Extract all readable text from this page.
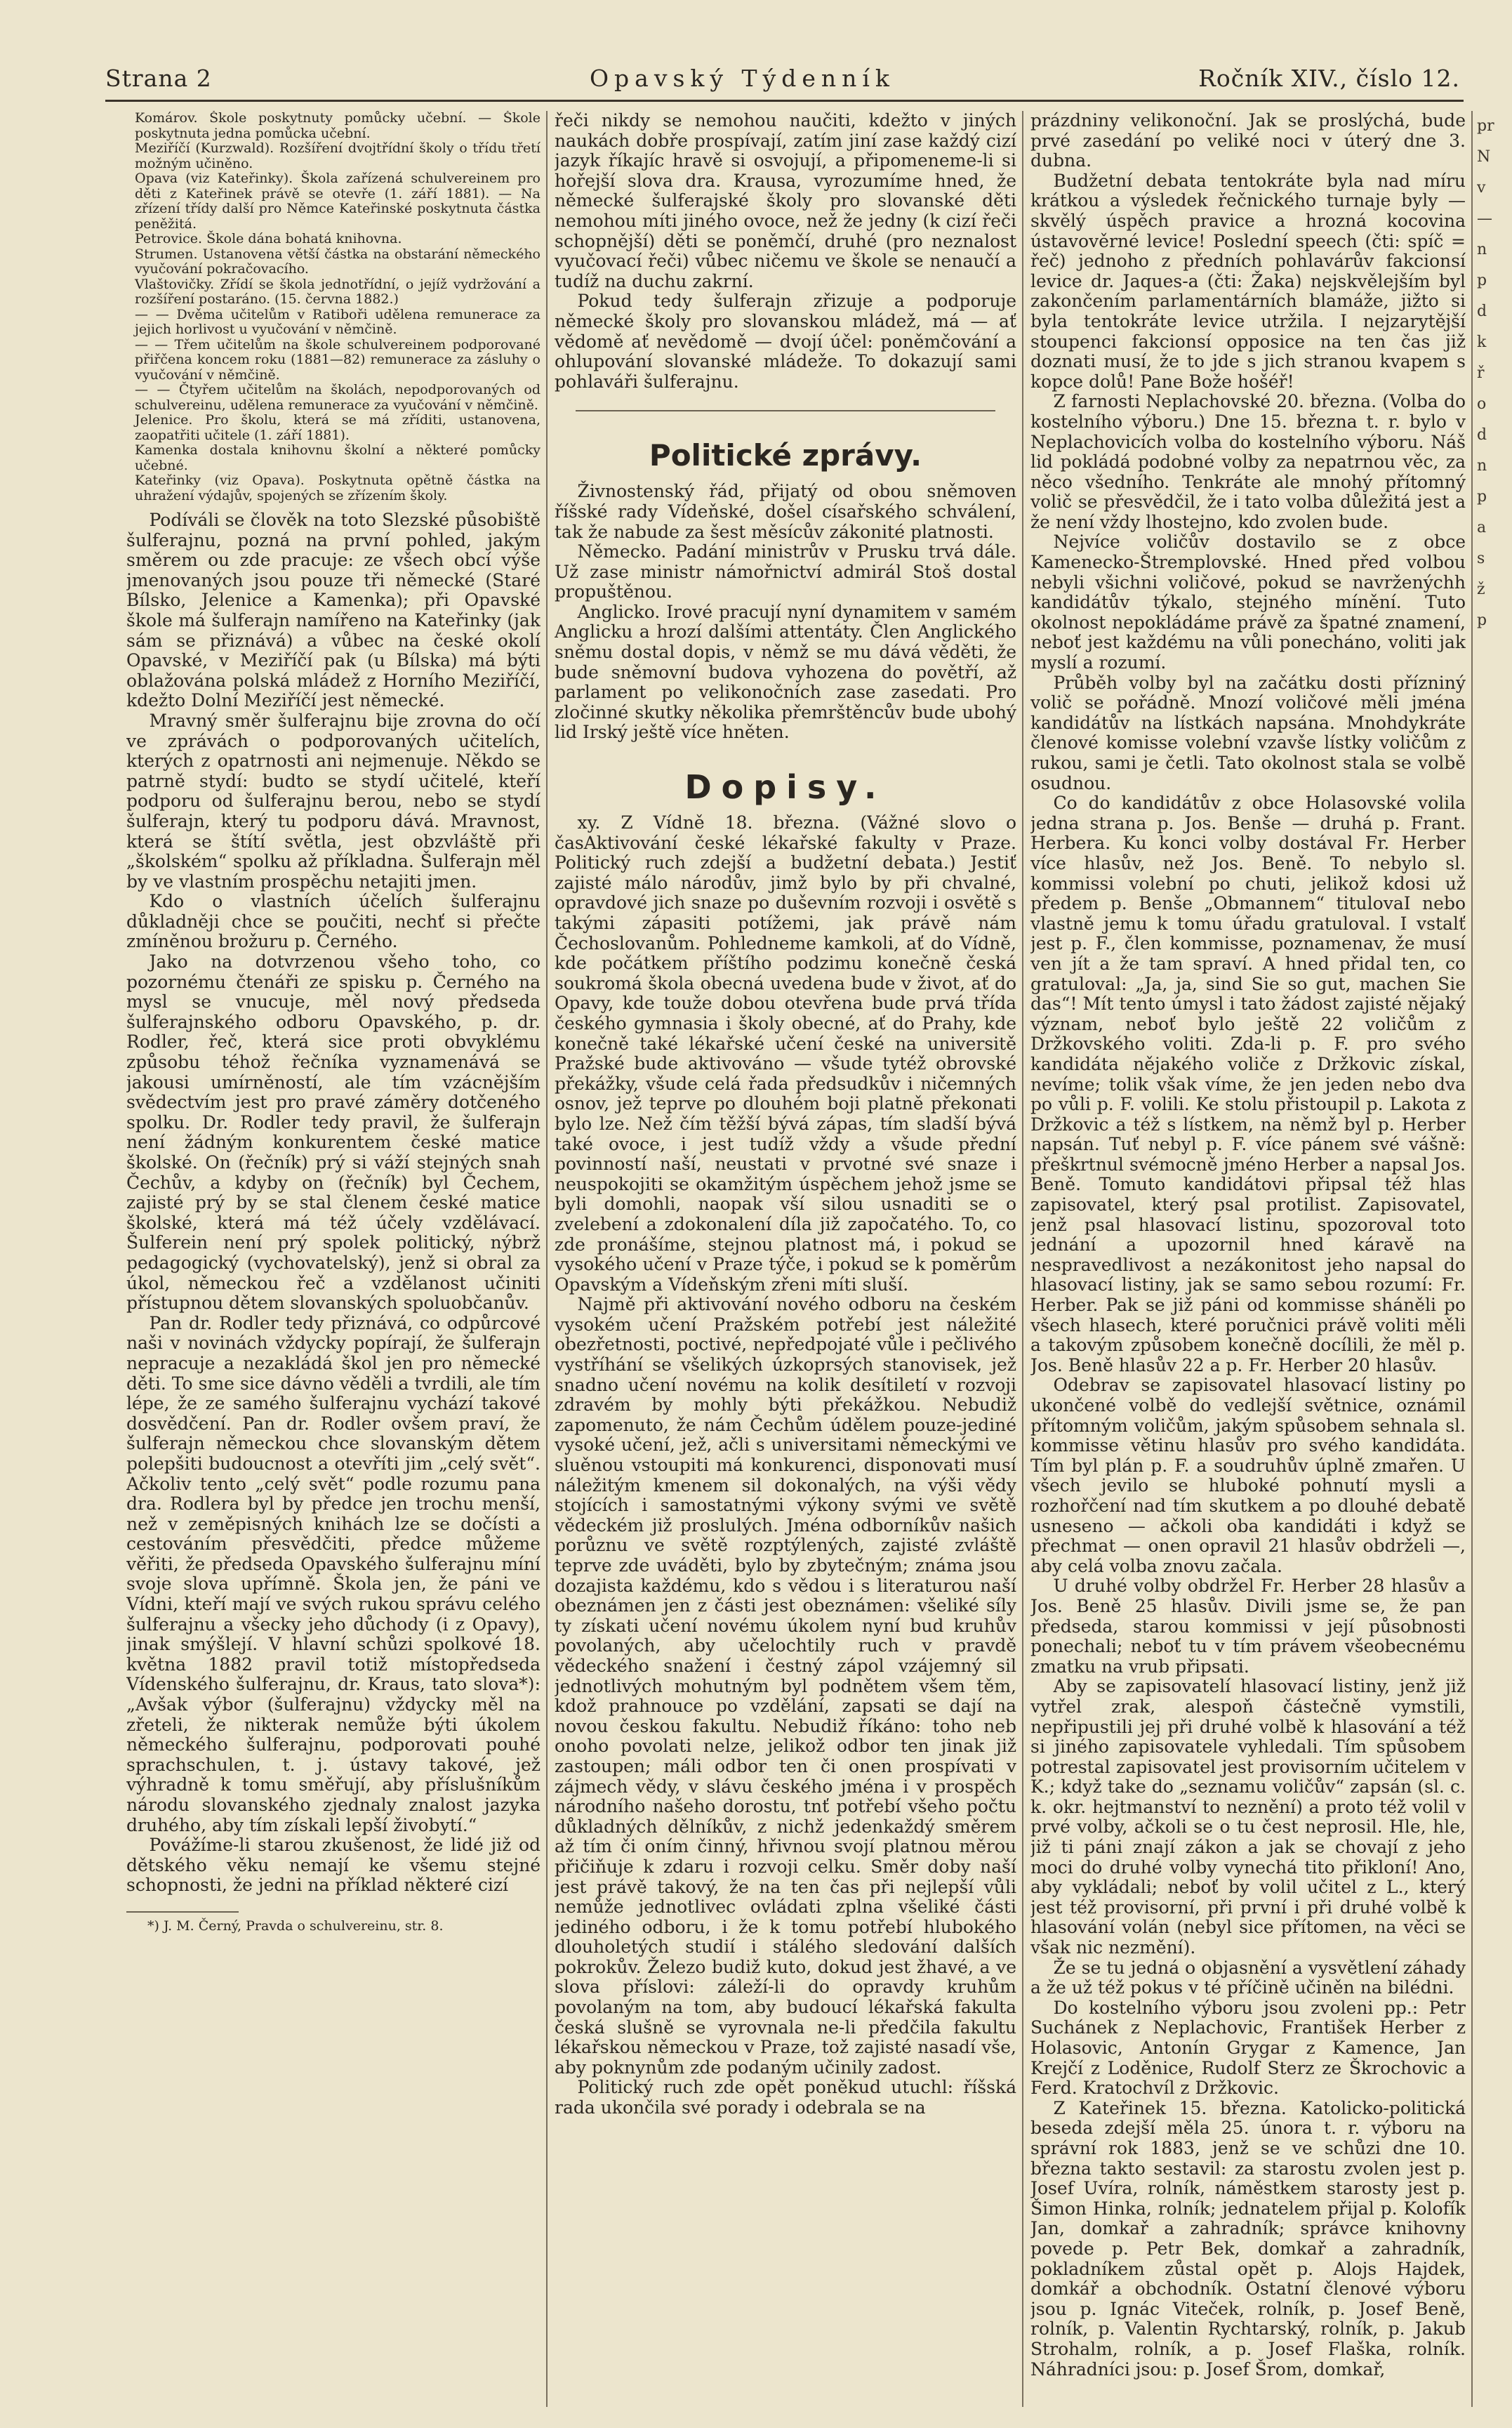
Strana 2	Opavský Týdenník	Ročník XIV., číslo 12.

Komárov. Škole poskytnuty pomůcky učební. — Škole poskytnuta jedna pomůcka učební.

Meziříčí (Kurzwald). Rozšíření dvojtřídní školy o třídu třetí možným učiněno.

Opava (viz Kateřinky). Škola zařízená schulvereinem pro děti z Kateřinek právě se otevře (1. září 1881). — Na zřízení třídy další pro Němce Kateřinské poskytnuta částka peněžitá.

Petrovice. Škole dána bohatá knihovna.

Strumen. Ustanovena větší částka na obstarání německého vyučování pokračovacího.

Vlaštovičky. Zřídí se škola jednotřídní, o jejíž vydržování a rozšíření postaráno. (15. června 1882.)

— — Dvěma učitelům v Ratiboři udělena remunerace za jejich horlivost u vyučování v němčině.

— — Třem učitelům na škole schulvereinem podporované přiřčena koncem roku (1881—82) remunerace za zásluhy o vyučování v němčině.

— — Čtyřem učitelům na školách, nepodporovaných od schulvereinu, udělena remunerace za vyučování v němčině.

Jelenice. Pro školu, která se má zříditi, ustanovena, zaopatřiti učitele (1. září 1881).

Kamenka dostala knihovnu školní a některé pomůcky učebné.

Kateřinky (viz Opava). Poskytnuta opětně částka na uhražení výdajův, spojených se zřízením školy.

Podíváli se člověk na toto Slezské působiště šulferajnu, pozná na první pohled, jakým směrem ou zde pracuje: ze všech obcí výše jmenovaných jsou pouze tři německé (Staré Bílsko, Jelenice a Kamenka); při Opavské škole má šulferajn namířeno na Kateřinky (jak sám se přiznává) a vůbec na české okolí Opavské, v Meziříčí pak (u Bílska) má býti oblažována polská mládež z Horního Meziříčí, kdežto Dolní Meziříčí jest německé.

Mravný směr šulferajnu bije zrovna do očí ve zprávách o podporovaných učitelích, kterých z opatrnosti ani nejmenuje. Někdo se patrně stydí: budto se stydí učitelé, kteří podporu od šulferajnu berou, nebo se stydí šulferajn, který tu podporu dává. Mravnost, která se štítí světla, jest obzvláště při „školském“ spolku až příkladna. Šulferajn měl by ve vlastním prospěchu netajiti jmen.

Kdo o vlastních účelích šulferajnu důkladněji chce se poučiti, nechť si přečte zmíněnou brožuru p. Černého.

Jako na dotvrzenou všeho toho, co pozornému čtenáři ze spisku p. Černého na mysl se vnucuje, měl nový předseda šulferajnského odboru Opavského, p. dr. Rodler, řeč, která sice proti obvyklému způsobu téhož řečníka vyznamenává se jakousi umírněností, ale tím vzácnějším svědectvím jest pro pravé záměry dotčeného spolku. Dr. Rodler tedy pravil, že šulferajn není žádným konkurentem české matice školské. On (řečník) prý si váží stejných snah Čechův, a kdyby on (řečník) byl Čechem, zajisté prý by se stal členem české matice školské, která má též účely vzdělávací. Šulferein není prý spolek politický, nýbrž pedagogický (vychovatelský), jenž si obral za úkol, německou řeč a vzdělanost učiniti přístupnou dětem slovanských spoluobčanův.

Pan dr. Rodler tedy přiznává, co odpůrcové naši v novinách vždycky popírají, že šulferajn nepracuje a nezakládá škol jen pro německé děti. To sme sice dávno věděli a tvrdili, ale tím lépe, že ze samého šulferajnu vychází takové dosvědčení. Pan dr. Rodler ovšem praví, že šulferajn německou chce slovanským dětem polepšiti budoucnost a otevříti jim „celý svět“. Ačkoliv tento „celý svět“ podle rozumu pana dra. Rodlera byl by předce jen trochu menší, než v zeměpisných knihách lze se dočísti a cestováním přesvědčiti, předce můžeme věřiti, že předseda Opavského šulferajnu míní svoje slova upřímně. Škola jen, že páni ve Vídni, kteří mají ve svých rukou správu celého šulferajnu a všecky jeho důchody (i z Opavy), jinak smýšlejí. V hlavní schůzi spolkové 18. května 1882 pravil totiž místopředseda Vídenského šulferajnu, dr. Kraus, tato slova*): „Avšak výbor (šulferajnu) vždycky měl na zřeteli, že nikterak nemůže býti úkolem německého šulferajnu, podporovati pouhé sprachschulen, t. j. ústavy takové, jež výhradně k tomu směřují, aby příslušníkům národu slovanského zjednaly znalost jazyka druhého, aby tím získali lepší živobytí.“

Povážíme-li starou zkušenost, že lidé již od dětského věku nemají ke všemu stejné schopnosti, že jedni na příklad některé cizí

*) J. M. Černý, Pravda o schulvereinu, str. 8.

řeči nikdy se nemohou naučiti, kdežto v jiných naukách dobře prospívají, zatím jiní zase každý cizí jazyk říkajíc hravě si osvojují, a připomeneme-li si hořejší slova dra. Krausa, vyrozumíme hned, že německé šulferajské školy pro slovanské děti nemohou míti jiného ovoce, než že jedny (k cizí řeči schopnější) děti se poněmčí, druhé (pro neznalost vyučovací řeči) vůbec ničemu ve škole se nenaučí a tudíž na duchu zakrní.

Pokud tedy šulferajn zřizuje a podporuje německé školy pro slovanskou mládež, má — ať vědomě ať nevědomě — dvojí účel: poněmčování a ohlupování slovanské mládeže. To dokazují sami pohlaváři šulferajnu.

Politické zprávy.

Živnostenský řád, přijatý od obou sněmoven říšské rady Vídeňské, došel císařského schválení, tak že nabude za šest měsícův zákonité platnosti.

Německo. Padání ministrův v Prusku trvá dále. Už zase ministr námořnictví admirál Stoš dostal propuštěnou.

Anglicko. Irové pracují nyní dynamitem v samém Anglicku a hrozí dalšími attentáty. Člen Anglického sněmu dostal dopis, v němž se mu dává věděti, že bude sněmovní budova vyhozena do povětří, až parlament po velikonočních zase zasedati. Pro zločinné skutky několika přemrštěncův bude ubohý lid Irský ještě více hněten.

Dopisy.

xy. Z Vídně 18. března. (Vážné slovo o časAktivování české lékařské fakulty v Praze. Politický ruch zdejší a budžetní debata.) Jestiť zajisté málo národův, jimž bylo by při chvalné, opravdové jich snaze po duševním rozvoji i osvětě s takými zápasiti potížemi, jak právě nám Čechoslovanům. Pohledneme kamkoli, ať do Vídně, kde počátkem příštího podzimu konečně česká soukromá škola obecná uvedena bude v život, ať do Opavy, kde touže dobou otevřena bude prvá třída českého gymnasia i školy obecné, ať do Prahy, kde konečně také lékařské učení české na universitě Pražské bude aktivováno — všude tytéž obrovské překážky, všude celá řada předsudkův i ničemných osnov, jež teprve po dlouhém boji platně překonati bylo lze. Než čím těžší bývá zápas, tím sladší bývá také ovoce, i jest tudíž vždy a všude přední povinností naší, neustati v prvotné své snaze i neuspokojiti se okamžitým úspěchem jehož jsme se byli domohli, naopak vší silou usnaditi se o zvelebení a zdokonalení díla již započatého. To, co zde pronášíme, stejnou platnost má, i pokud se vysokého učení v Praze týče, i pokud se k poměrům Opavským a Vídeňským zřeni míti sluší.

Najmě při aktivování nového odboru na českém vysokém učení Pražském potřebí jest náležité obezřetnosti, poctivé, nepředpojaté vůle i pečlivého vystříhání se všelikých úzkoprsých stanovisek, jež snadno učení novému na kolik desítiletí v rozvoji zdravém by mohly býti překážkou. Nebudiž zapomenuto, že nám Čechům údělem pouze-jediné vysoké učení, jež, ačli s universitami německými ve sluěnou vstoupiti má konkurenci, disponovati musí náležitým kmenem sil dokonalých, na výši vědy stojících i samostatnými výkony svými ve světě vědeckém již proslulých. Jména odborníkův našich porůznu ve světě rozptýlených, zajisté zvláště teprve zde uváděti, bylo by zbytečným; známa jsou dozajista každému, kdo s vědou i s literaturou naší obeznámen jen z části jest obeznámen: všeliké síly ty získati učení novému úkolem nyní bud kruhův povolaných, aby učelochtily ruch v pravdě vědeckého snažení i čestný zápol vzájemný sil jednotlivých mohutným byl podnětem všem těm, kdož prahnouce po vzdělání, zapsati se dají na novou českou fakultu. Nebudiž říkáno: toho neb onoho povolati nelze, jelikož odbor ten jinak již zastoupen; máli odbor ten či onen prospívati v zájmech vědy, v slávu českého jména i v prospěch národního našeho dorostu, tnť potřebí všeho počtu důkladných dělníkův, z nichž jedenkaždý směrem až tím či oním činný, hřivnou svojí platnou měrou přičiňuje k zdaru i rozvoji celku. Směr doby naší jest právě takový, že na ten čas při nejlepší vůli nemůže jednotlivec ovládati zplna všeliké části jediného odboru, i že k tomu potřebí hlubokého dlouholetých studií i stálého sledování dalších pokrokův. Železo budiž kuto, dokud jest žhavé, a ve slova příslovi: záleží-li do opravdy kruhům povolaným na tom, aby budoucí lékařská fakulta česká slušně se vyrovnala ne-li předčila fakultu lékařskou německou v Praze, tož zajisté nasadí vše, aby poknynům zde podaným učinily zadost.

Politický ruch zde opět poněkud utuchl: říšská rada ukončila své porady i odebrala se na

prázdniny velikonoční. Jak se proslýchá, bude prvé zasedání po veliké noci v úterý dne 3. dubna.

Budžetní debata tentokráte byla nad míru krátkou a výsledek řečnického turnaje byly — skvělý úspěch pravice a hrozná kocovina ústavověrné levice! Poslední speech (čti: spíč = řeč) jednoho z předních pohlavárův fakcionsí levice dr. Jaques-a (čti: Žaka) nejskvělejším byl zakončením parlamentárních blamáže, jižto si byla tentokráte levice utržila. I nejzarytější stoupenci fakcionsí opposice na ten čas již doznati musí, že to jde s jich stranou kvapem s kopce dolů! Pane Bože hošéř!

Z farnosti Neplachovské 20. března. (Volba do kostelního výboru.) Dne 15. března t. r. bylo v Neplachovicích volba do kostelního výboru. Náš lid pokládá podobné volby za nepatrnou věc, za něco všedního. Tenkráte ale mnohý přítomný volič se přesvědčil, že i tato volba důležitá jest a že není vždy lhostejno, kdo zvolen bude.

Nejvíce voličův dostavilo se z obce Kamenecko-Štremplovské. Hned před volbou nebyli všichni voličové, pokud se navrženýchh kandidátův týkalo, stejného mínění. Tuto okolnost nepokládáme právě za špatné znamení, neboť jest každému na vůli ponecháno, voliti jak myslí a rozumí.

Průběh volby byl na začátku dosti přízniný volič se pořádně. Mnozí voličové měli jména kandidátův na lístkách napsána. Mnohdykráte členové komisse volební vzavše lístky voličům z rukou, sami je četli. Tato okolnost stala se volbě osudnou.

Co do kandidátův z obce Holasovské volila jedna strana p. Jos. Benše — druhá p. Frant. Herbera. Ku konci volby dostával Fr. Herber více hlasův, než Jos. Beně. To nebylo sl. kommissi volební po chuti, jelikož kdosi už předem p. Benše „Obmannem“ titulovaI nebo vlastně jemu k tomu úřadu gratuloval. I vstalť jest p. F., člen kommisse, poznamenav, že musí ven jít a že tam spraví. A hned přidal ten, co gratuloval: „Ja, ja, sind Sie so gut, machen Sie das“! Mít tento úmysl i tato žádost zajisté nějaký význam, neboť bylo ještě 22 voličům z Držkovského voliti. Zda-li p. F. pro svého kandidáta nějakého voliče z Držkovic získal, nevíme; tolik však víme, že jen jeden nebo dva po vůli p. F. volili. Ke stolu přistoupil p. Lakota z Držkovic a též s lístkem, na němž byl p. Herber napsán. Tuť nebyl p. F. více pánem své vášně: přeškrtnul svémocně jméno Herber a napsal Jos. Beně. Tomuto kandidátovi připsal též hlas zapisovatel, který psal protilist. Zapisovatel, jenž psal hlasovací listinu, spozoroval toto jednání a upozornil hned káravě na nespravedlivost a nezákonitost jeho napsal do hlasovací listiny, jak se samo sebou rozumí: Fr. Herber. Pak se již páni od kommisse sháněli po všech hlasech, které poručnici právě voliti měli a takovým způsobem konečně docílili, že měl p. Jos. Beně hlasův 22 a p. Fr. Herber 20 hlasův.

Odebrav se zapisovatel hlasovací listiny po ukončené volbě do vedlejší světnice, oznámil přítomným voličům, jakým spůsobem sehnala sl. kommisse větinu hlasův pro svého kandidáta. Tím byl plán p. F. a soudruhův úplně zmařen. U všech jevilo se hluboké pohnutí mysli a rozhořčení nad tím skutkem a po dlouhé debatě usneseno — ačkoli oba kandidáti i když se přechmat — onen opravil 21 hlasův obdrželi —, aby celá volba znovu začala.

U druhé volby obdržel Fr. Herber 28 hlasův a Jos. Beně 25 hlasův. Divili jsme se, že pan předseda, starou kommissi v její působnosti ponechali; neboť tu v tím právem všeobecnému zmatku na vrub připsati.

Aby se zapisovatelí hlasovací listiny, jenž již vytřel zrak, alespoň částečně vymstili, nepřipustili jej při druhé volbě k hlasování a též si jiného zapisovatele vyhledali. Tím spůsobem potrestal zapisovatel jest provisorním učitelem v K.; když take do „seznamu voličův“ zapsán (sl. c. k. okr. hejtmanství to neznění) a proto též volil v prvé volby, ačkoli se o tu čest neprosil. Hle, hle, již ti páni znají zákon a jak se chovají z jeho moci do druhé volby vynechá tito přikloní! Ano, aby vykládali; neboť by volil učitel z L., který jest též provisorní, při první i při druhé volbě k hlasování volán (nebyl sice přítomen, na věci se však nic nezmění).

Že se tu jedná o objasnění a vysvětlení záhady a že už též pokus v té příčině učiněn na bilédni.

Do kostelního výboru jsou zvoleni pp.: Petr Suchánek z Neplachovic, František Herber z Holasovic, Antonín Grygar z Kamence, Jan Krejčí z Loděnice, Rudolf Sterz ze Škrochovic a Ferd. Kratochvíl z Držkovic.

Z Kateřinek 15. března. Katolicko-politická beseda zdejší měla 25. února t. r. výboru na správní rok 1883, jenž se ve schůzi dne 10. března takto sestavil: za starostu zvolen jest p. Josef Uvíra, rolník, náměstkem starosty jest p. Šimon Hinka, rolník; jednatelem přijal p. Kolofík Jan, domkař a zahradník; správce knihovny povede p. Petr Bek, domkař a zahradník, pokladníkem zůstal opět p. Alojs Hajdek, domkář a obchodník. Ostatní členové výboru jsou p. Ignác Viteček, rolník, p. Josef Beně, rolník, p. Valentin Rychtarský, rolník, p. Jakub Strohalm, rolník, a p. Josef Flaška, rolník. Náhradníci jsou: p. Josef Šrom, domkař,

pr
N
v
—
n
p
d
k
ř
o
d
n
p
a
s
ž
p
